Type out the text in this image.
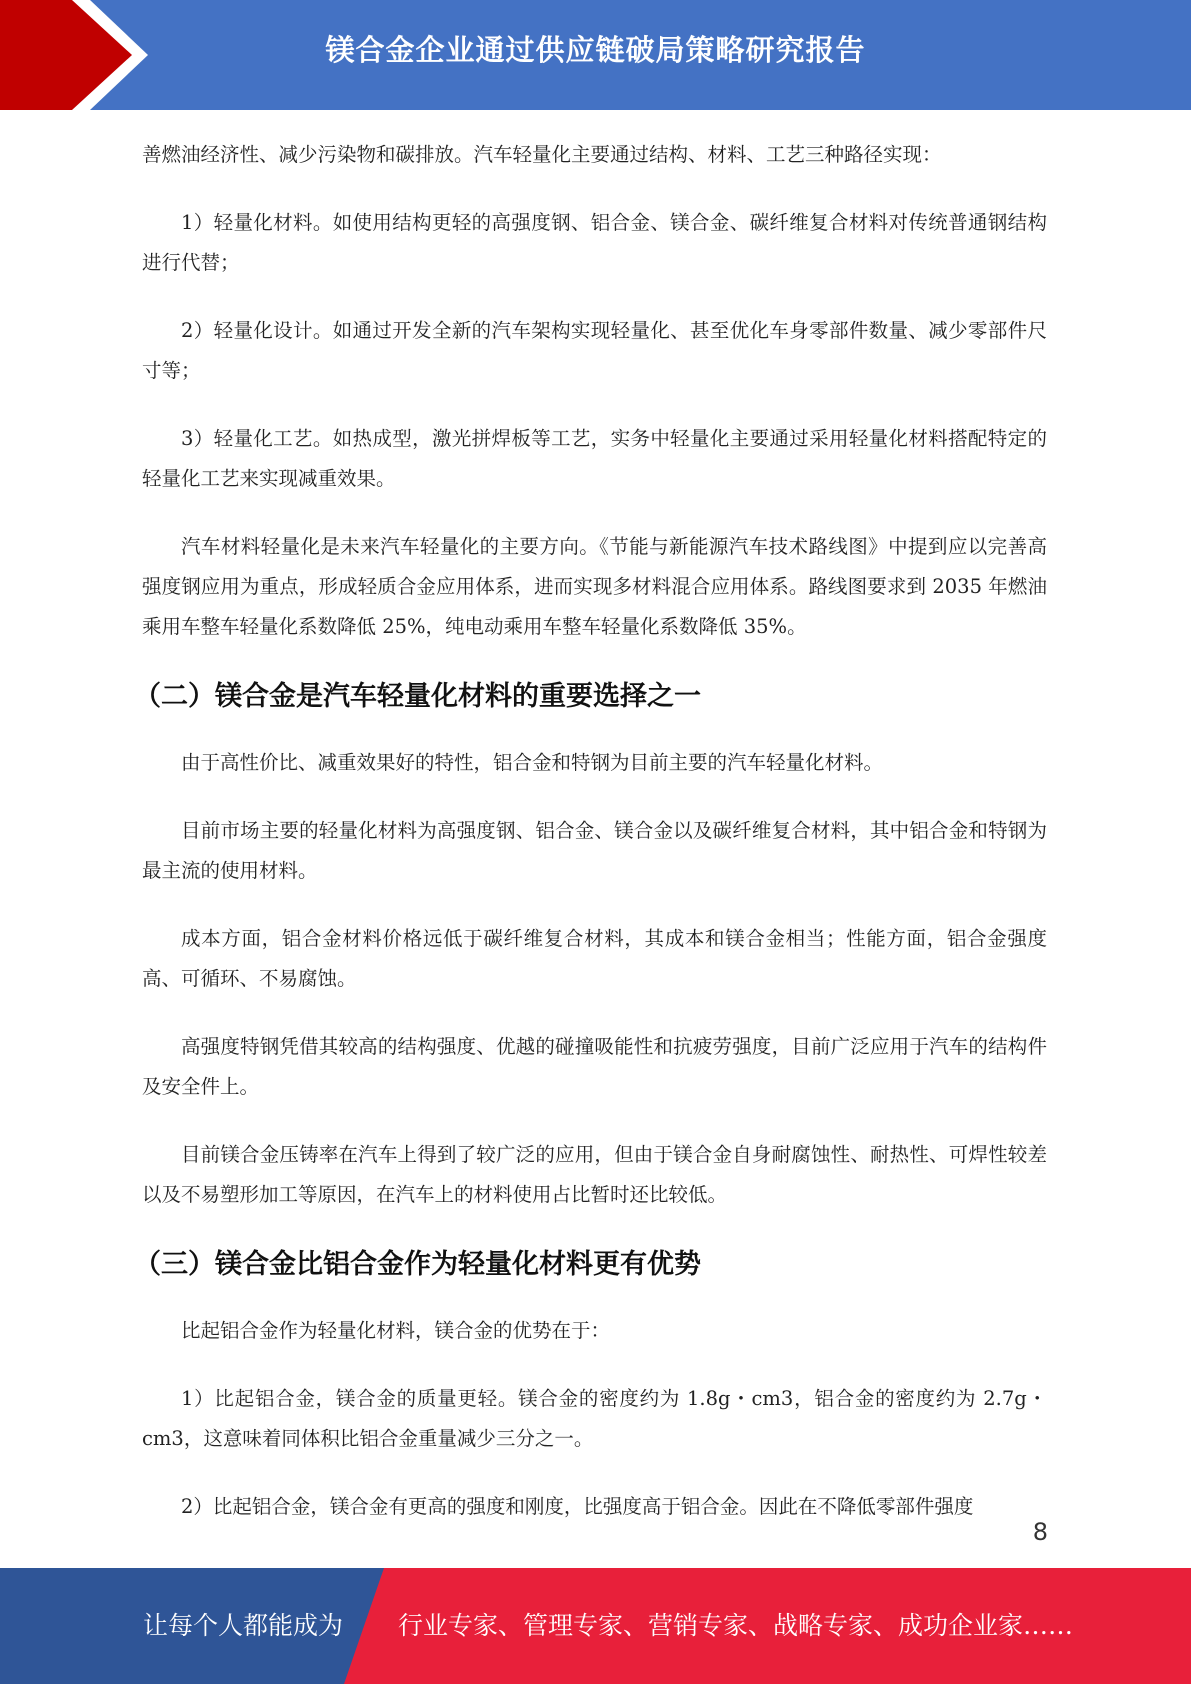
镁合金企业通过供应链破局策略研究报告

善燃油经济性、减少污染物和碳排放。汽车轻量化主要通过结构、材料、工艺三种路径实现：

1）轻量化材料。如使用结构更轻的高强度钢、铝合金、镁合金、碳纤维复合材料对传统普通钢结构进行代替；

2）轻量化设计。如通过开发全新的汽车架构实现轻量化、甚至优化车身零部件数量、减少零部件尺寸等；

3）轻量化工艺。如热成型，激光拼焊板等工艺，实务中轻量化主要通过采用轻量化材料搭配特定的轻量化工艺来实现减重效果。

汽车材料轻量化是未来汽车轻量化的主要方向。《节能与新能源汽车技术路线图》中提到应以完善高强度钢应用为重点，形成轻质合金应用体系，进而实现多材料混合应用体系。路线图要求到 2035 年燃油乘用车整车轻量化系数降低 25%，纯电动乘用车整车轻量化系数降低 35%。

（二）镁合金是汽车轻量化材料的重要选择之一

由于高性价比、减重效果好的特性，铝合金和特钢为目前主要的汽车轻量化材料。

目前市场主要的轻量化材料为高强度钢、铝合金、镁合金以及碳纤维复合材料，其中铝合金和特钢为最主流的使用材料。

成本方面，铝合金材料价格远低于碳纤维复合材料，其成本和镁合金相当；性能方面，铝合金强度高、可循环、不易腐蚀。

高强度特钢凭借其较高的结构强度、优越的碰撞吸能性和抗疲劳强度，目前广泛应用于汽车的结构件及安全件上。

目前镁合金压铸率在汽车上得到了较广泛的应用，但由于镁合金自身耐腐蚀性、耐热性、可焊性较差以及不易塑形加工等原因，在汽车上的材料使用占比暂时还比较低。

（三）镁合金比铝合金作为轻量化材料更有优势

比起铝合金作为轻量化材料，镁合金的优势在于：

1）比起铝合金，镁合金的质量更轻。镁合金的密度约为 1.8g・cm3，铝合金的密度约为 2.7g・cm3，这意味着同体积比铝合金重量减少三分之一。

2）比起铝合金，镁合金有更高的强度和刚度，比强度高于铝合金。因此在不降低零部件强度

8
让每个人都能成为 行业专家、管理专家、营销专家、战略专家、成功企业家……
